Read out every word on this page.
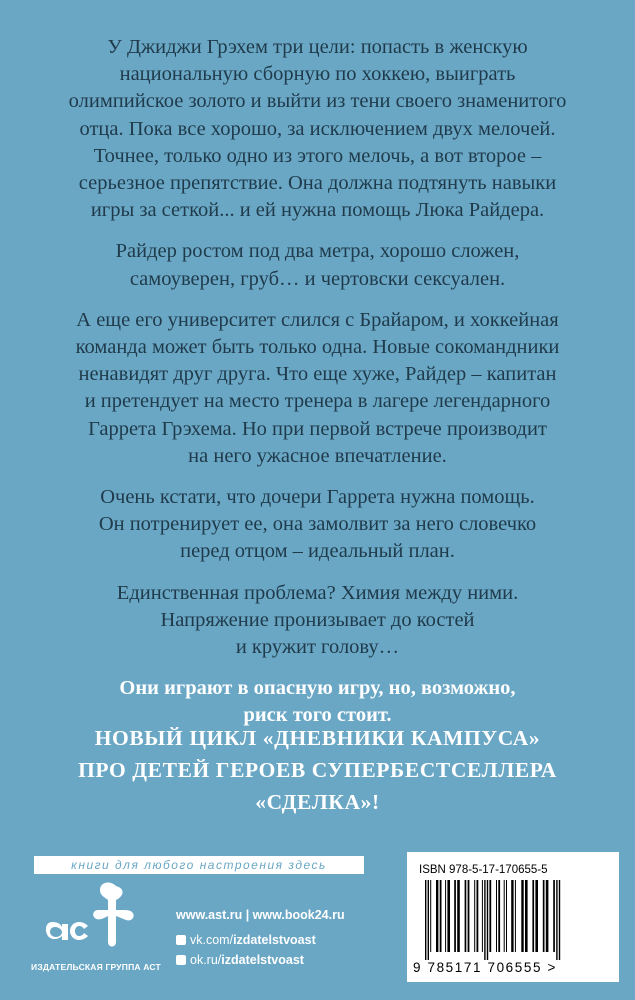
У Джиджи Грэхем три цели: попасть в женскую
национальную сборную по хоккею, выиграть
олимпийское золото и выйти из тени своего знаменитого
отца. Пока все хорошо, за исключением двух мелочей.
Точнее, только одно из этого мелочь, а вот второе –
серьезное препятствие. Она должна подтянуть навыки
игры за сеткой... и ей нужна помощь Люка Райдера.

Райдер ростом под два метра, хорошо сложен,
самоуверен, груб… и чертовски сексуален.

А еще его университет слился с Брайаром, и хоккейная
команда может быть только одна. Новые сокомандники
ненавидят друг друга. Что еще хуже, Райдер – капитан
и претендует на место тренера в лагере легендарного
Гаррета Грэхема. Но при первой встрече производит
на него ужасное впечатление.

Очень кстати, что дочери Гаррета нужна помощь.
Он потренирует ее, она замолвит за него словечко
перед отцом – идеальный план.

Единственная проблема? Химия между ними.
Напряжение пронизывает до костей
и кружит голову…

Они играют в опасную игру, но, возможно,
риск того стоит.

НОВЫЙ ЦИКЛ «ДНЕВНИКИ КАМПУСА»
ПРО ДЕТЕЙ ГЕРОЕВ СУПЕРБЕСТСЕЛЛЕРА
«СДЕЛКА»!
книги для любого настроения здесь
ИЗДАТЕЛЬСКАЯ ГРУППА АСТ
www.ast.ru | www.book24.ru
vk.com/ izdatelstvoast
ok.ru/ izdatelstvoast
ISBN 978-5-17-170655-5
9 785171 706555 >
